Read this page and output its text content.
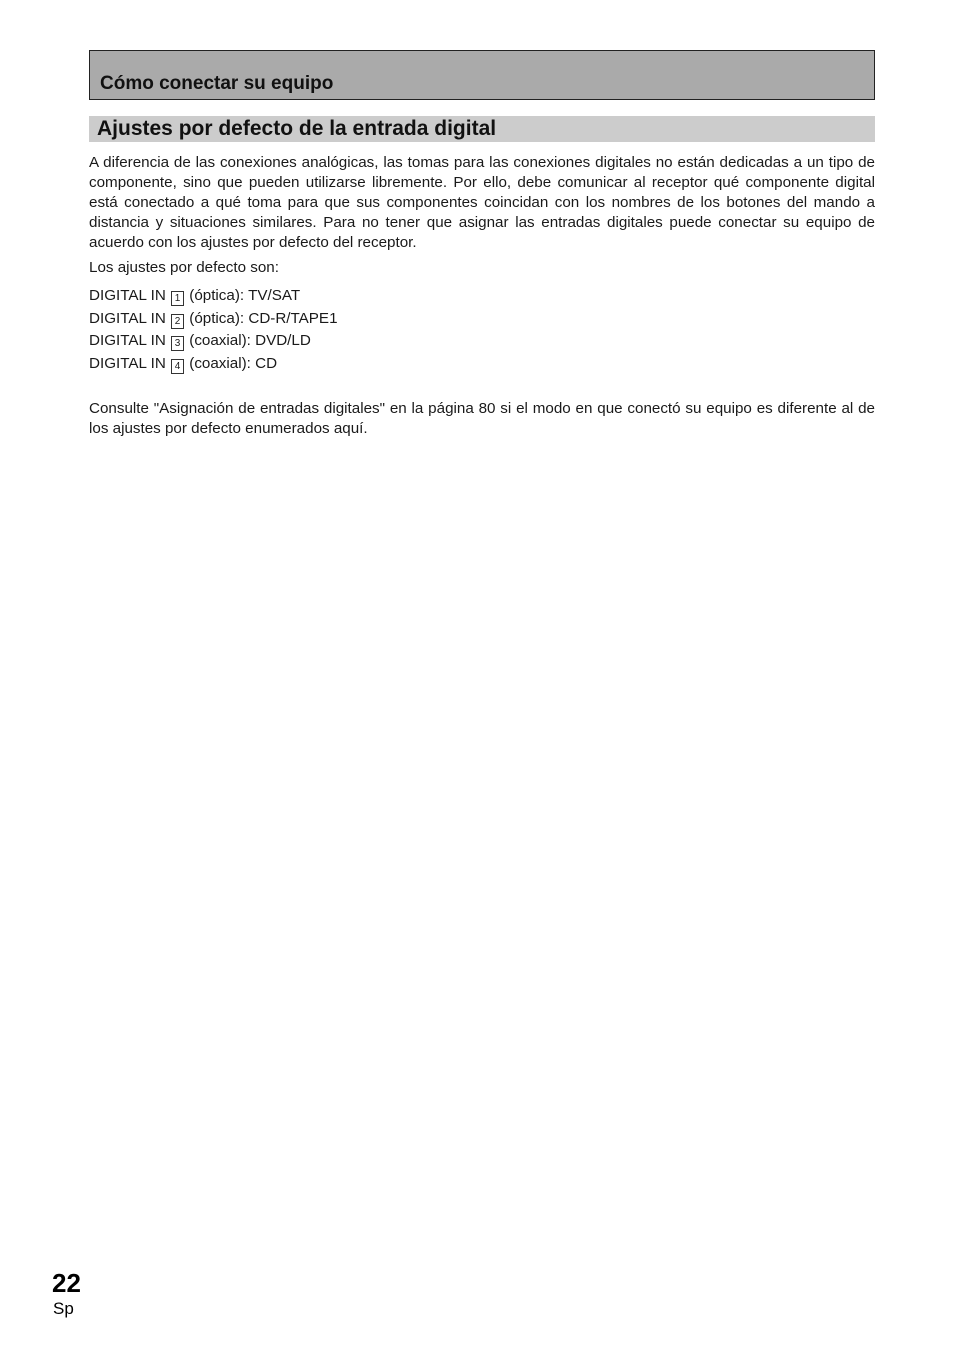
Cómo conectar su equipo
Ajustes por defecto de la entrada digital

A diferencia de las conexiones analógicas, las tomas para las conexiones digitales no están dedicadas a un tipo de componente, sino que pueden utilizarse libremente. Por ello, debe comunicar al receptor qué componente digital está conectado a qué toma para que sus componentes coincidan con los nombres de los botones del mando a distancia y situaciones similares. Para no tener que asignar las entradas digitales puede conectar su equipo de acuerdo con los ajustes por defecto del receptor.

Los ajustes por defecto son:

DIGITAL IN 1 (óptica): TV/SAT
DIGITAL IN 2 (óptica): CD-R/TAPE1
DIGITAL IN 3 (coaxial): DVD/LD
DIGITAL IN 4 (coaxial): CD

Consulte "Asignación de entradas digitales" en la página 80 si el modo en que conectó su equipo es diferente al de los ajustes por defecto enumerados aquí.

22
Sp
